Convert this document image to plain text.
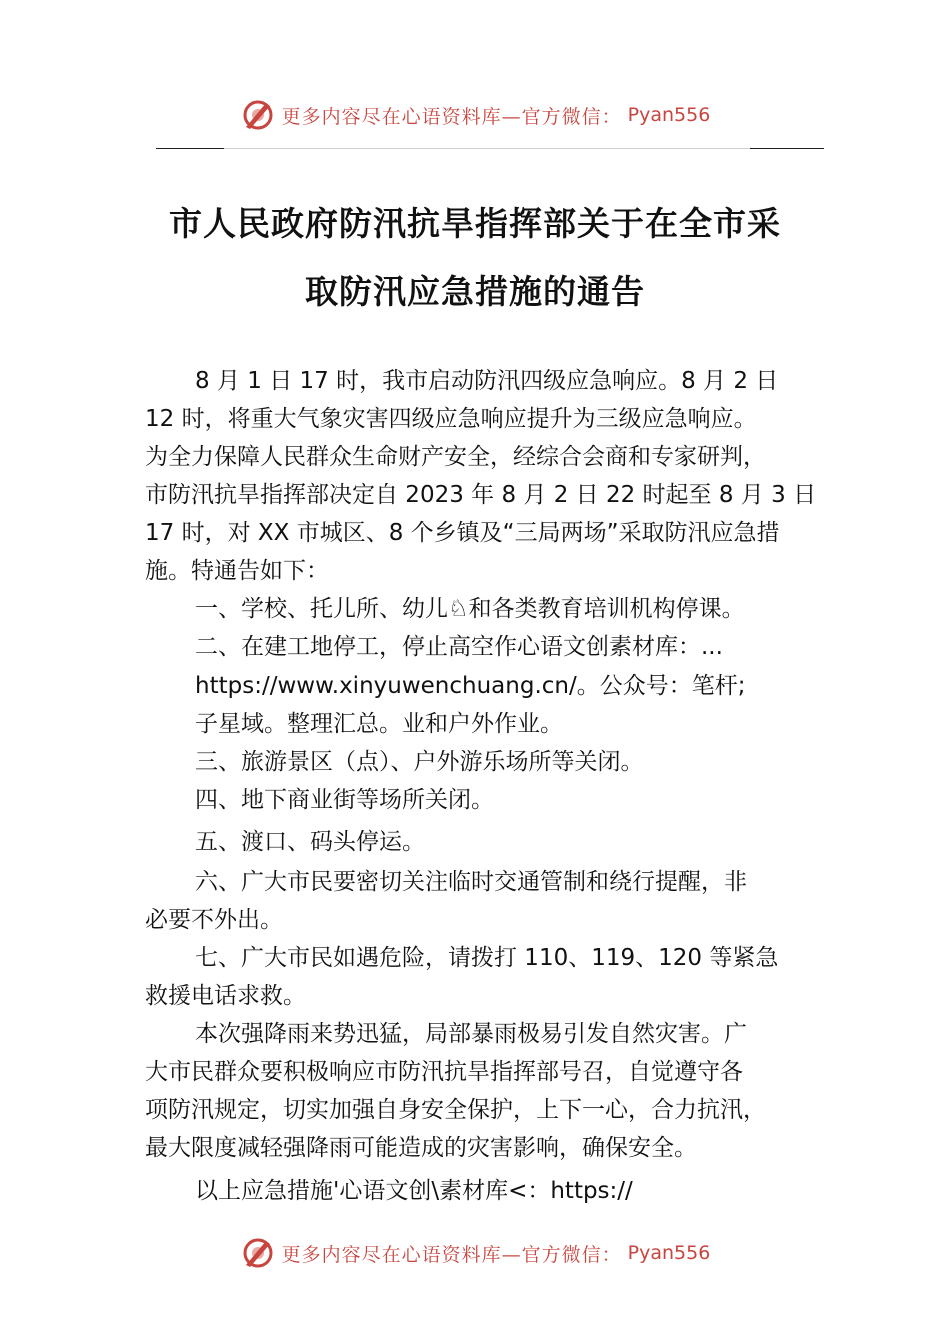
更多内容尽在心语资料库—官方微信： Pyan556
市人民政府防汛抗旱指挥部关于在全市采
取防汛应急措施的通告
8 月 1 日 17 时，我市启动防汛四级应急响应。8 月 2 日
12 时，将重大气象灾害四级应急响应提升为三级应急响应。
为全力保障人民群众生命财产安全，经综合会商和专家研判，
市防汛抗旱指挥部决定自 2023 年 8 月 2 日 22 时起至 8 月 3 日
17 时，对 XX 市城区、8 个乡镇及“三局两场”采取防汛应急措
施。特通告如下：
一、学校、托儿所、幼儿♘和各类教育培训机构停课。
二、在建工地停工，停止高空作心语文创素材库：...
https://www.xinyuwenchuang.cn/。公众号：笔杆;
子星域。整理汇总。业和户外作业。
三、旅游景区（点）、户外游乐场所等关闭。
四、地下商业街等场所关闭。
五、渡口、码头停运。
六、广大市民要密切关注临时交通管制和绕行提醒，非
必要不外出。
七、广大市民如遇危险，请拨打 110、119、120 等紧急
救援电话求救。
本次强降雨来势迅猛，局部暴雨极易引发自然灾害。广
大市民群众要积极响应市防汛抗旱指挥部号召，自觉遵守各
项防汛规定，切实加强自身安全保护，上下一心，合力抗汛，
最大限度减轻强降雨可能造成的灾害影响，确保安全。
以上应急措施'心语文创\素材库<：https://
更多内容尽在心语资料库—官方微信： Pyan556
